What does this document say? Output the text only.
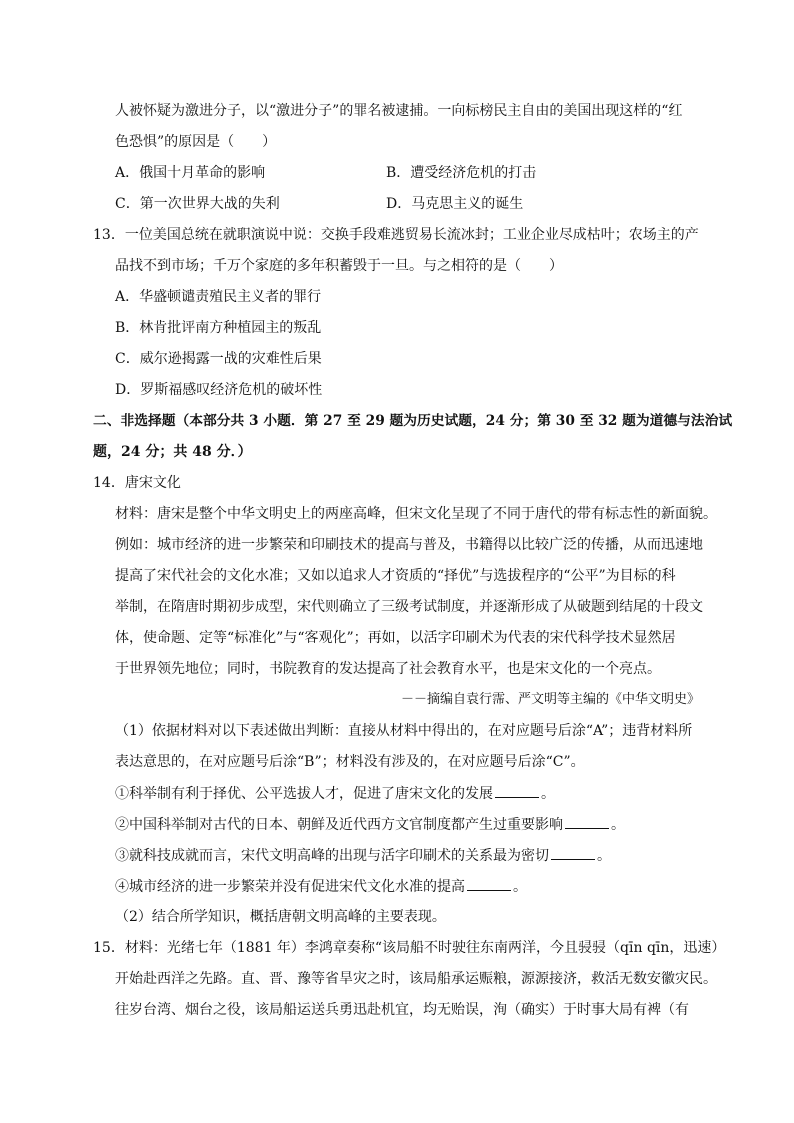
人被怀疑为激进分子，以“激进分子”的罪名被逮捕。一向标榜民主自由的美国出现这样的“红
色恐惧”的原因是（　　）
A．俄国十月革命的影响	B．遭受经济危机的打击
C．第一次世界大战的失利	D．马克思主义的诞生
13．一位美国总统在就职演说中说：交换手段难逃贸易长流冰封；工业企业尽成枯叶；农场主的产
品找不到市场；千万个家庭的多年积蓄毁于一旦。与之相符的是（　　）
A．华盛顿谴责殖民主义者的罪行
B．林肯批评南方种植园主的叛乱
C．威尔逊揭露一战的灾难性后果
D．罗斯福感叹经济危机的破坏性
二、非选择题（本部分共 3 小题．第 27 至 29 题为历史试题，24 分；第 30 至 32 题为道德与法治试
题，24 分；共 48 分．）
14．唐宋文化
材料：唐宋是整个中华文明史上的两座高峰，但宋文化呈现了不同于唐代的带有标志性的新面貌。
例如：城市经济的进一步繁荣和印刷技术的提高与普及，书籍得以比较广泛的传播，从而迅速地
提高了宋代社会的文化水准；又如以追求人才资质的“择优”与选拔程序的“公平”为目标的科
举制，在隋唐时期初步成型，宋代则确立了三级考试制度，并逐渐形成了从破题到结尾的十段文
体，使命题、定等“标准化”与“客观化”；再如，以活字印刷术为代表的宋代科学技术显然居
于世界领先地位；同时，书院教育的发达提高了社会教育水平，也是宋文化的一个亮点。
－－摘编自袁行霈、严文明等主编的《中华文明史》
（1）依据材料对以下表述做出判断：直接从材料中得出的，在对应题号后涂“A”；违背材料所
表达意思的，在对应题号后涂“B”；材料没有涉及的，在对应题号后涂“C”。
①科举制有利于择优、公平选拔人才，促进了唐宋文化的发展	。
②中国科举制对古代的日本、朝鲜及近代西方文官制度都产生过重要影响	。
③就科技成就而言，宋代文明高峰的出现与活字印刷术的关系最为密切	。
④城市经济的进一步繁荣并没有促进宋代文化水准的提高	。
（2）结合所学知识，概括唐朝文明高峰的主要表现。
15．材料：光绪七年（1881 年）李鸿章奏称“该局船不时驶往东南两洋，今且骎骎（qīn qīn，迅速）
开始赴西洋之先路。直、晋、豫等省旱灾之时，该局船承运赈粮，源源接济，救活无数安徽灾民。
往岁台湾、烟台之役，该局船运送兵勇迅赴机宜，均无贻误，洵（确实）于时事大局有裨（有
